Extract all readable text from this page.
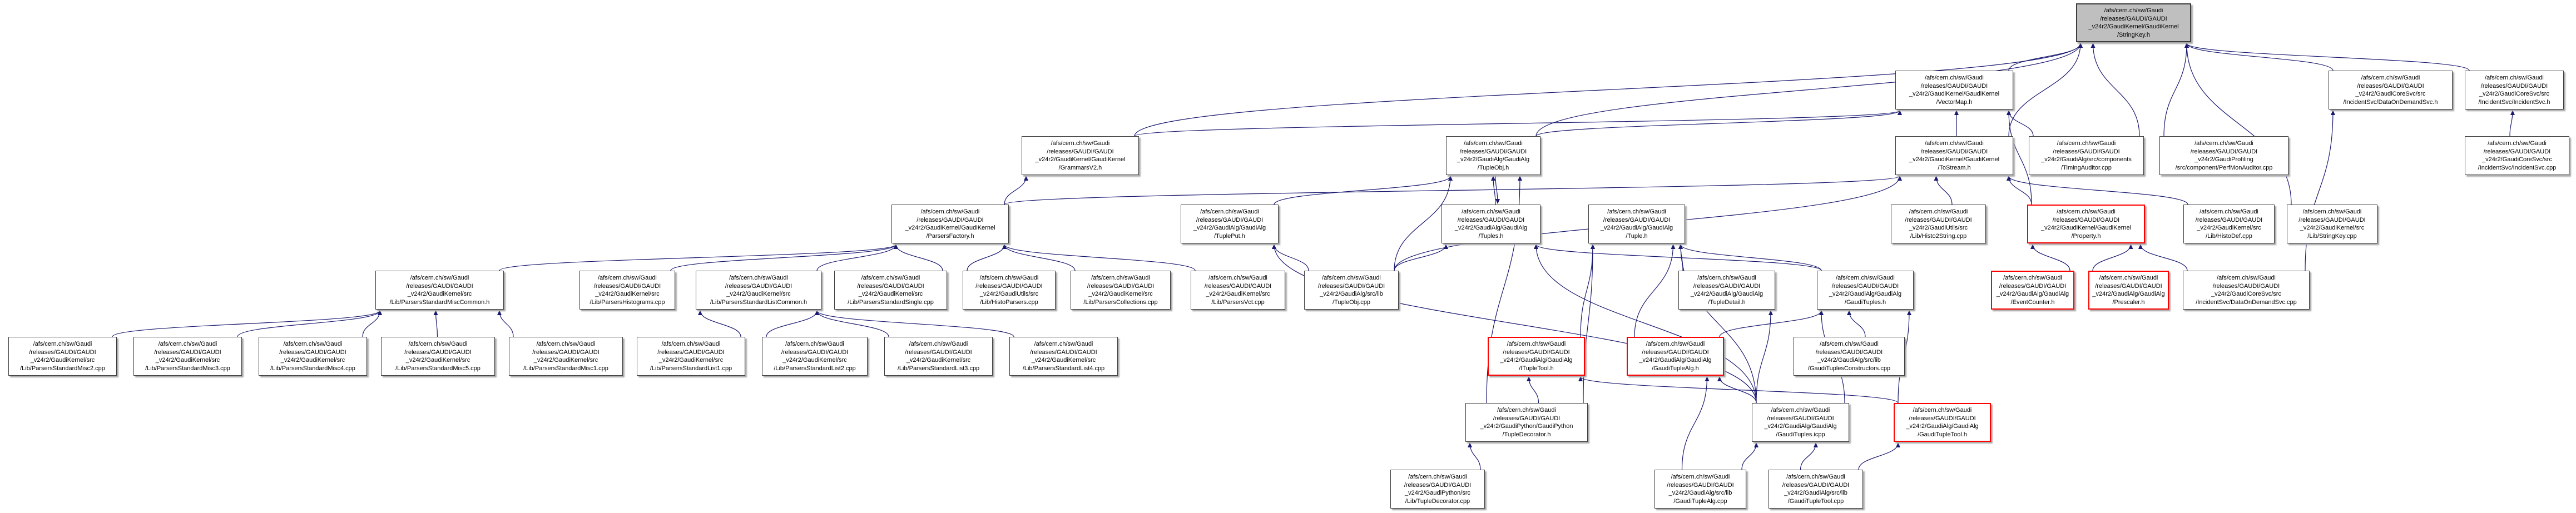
/afs/cern.ch/sw/Gaudi
/releases/GAUDI/GAUDI
_v24r2/GaudiKernel/GaudiKernel
/StringKey.h
/afs/cern.ch/sw/Gaudi
/releases/GAUDI/GAUDI
_v24r2/GaudiKernel/GaudiKernel
/VectorMap.h
/afs/cern.ch/sw/Gaudi
/releases/GAUDI/GAUDI
_v24r2/GaudiCoreSvc/src
/IncidentSvc/DataOnDemandSvc.h
/afs/cern.ch/sw/Gaudi
/releases/GAUDI/GAUDI
_v24r2/GaudiCoreSvc/src
/IncidentSvc/IncidentSvc.h
/afs/cern.ch/sw/Gaudi
/releases/GAUDI/GAUDI
_v24r2/GaudiKernel/GaudiKernel
/GrammarsV2.h
/afs/cern.ch/sw/Gaudi
/releases/GAUDI/GAUDI
_v24r2/GaudiAlg/GaudiAlg
/TupleObj.h
/afs/cern.ch/sw/Gaudi
/releases/GAUDI/GAUDI
_v24r2/GaudiKernel/GaudiKernel
/ToStream.h
/afs/cern.ch/sw/Gaudi
/releases/GAUDI/GAUDI
_v24r2/GaudiAlg/src/components
/TimingAuditor.cpp
/afs/cern.ch/sw/Gaudi
/releases/GAUDI/GAUDI
_v24r2/GaudiProfiling
/src/component/PerfMonAuditor.cpp
/afs/cern.ch/sw/Gaudi
/releases/GAUDI/GAUDI
_v24r2/GaudiCoreSvc/src
/IncidentSvc/IncidentSvc.cpp
/afs/cern.ch/sw/Gaudi
/releases/GAUDI/GAUDI
_v24r2/GaudiKernel/GaudiKernel
/ParsersFactory.h
/afs/cern.ch/sw/Gaudi
/releases/GAUDI/GAUDI
_v24r2/GaudiAlg/GaudiAlg
/TuplePut.h
/afs/cern.ch/sw/Gaudi
/releases/GAUDI/GAUDI
_v24r2/GaudiAlg/GaudiAlg
/Tuples.h
/afs/cern.ch/sw/Gaudi
/releases/GAUDI/GAUDI
_v24r2/GaudiAlg/GaudiAlg
/Tuple.h
/afs/cern.ch/sw/Gaudi
/releases/GAUDI/GAUDI
_v24r2/GaudiUtils/src
/Lib/Histo2String.cpp
/afs/cern.ch/sw/Gaudi
/releases/GAUDI/GAUDI
_v24r2/GaudiKernel/GaudiKernel
/Property.h
/afs/cern.ch/sw/Gaudi
/releases/GAUDI/GAUDI
_v24r2/GaudiKernel/src
/Lib/HistoDef.cpp
/afs/cern.ch/sw/Gaudi
/releases/GAUDI/GAUDI
_v24r2/GaudiKernel/src
/Lib/StringKey.cpp
/afs/cern.ch/sw/Gaudi
/releases/GAUDI/GAUDI
_v24r2/GaudiKernel/src
/Lib/ParsersStandardMiscCommon.h
/afs/cern.ch/sw/Gaudi
/releases/GAUDI/GAUDI
_v24r2/GaudiKernel/src
/Lib/ParsersHistograms.cpp
/afs/cern.ch/sw/Gaudi
/releases/GAUDI/GAUDI
_v24r2/GaudiKernel/src
/Lib/ParsersStandardListCommon.h
/afs/cern.ch/sw/Gaudi
/releases/GAUDI/GAUDI
_v24r2/GaudiKernel/src
/Lib/ParsersStandardSingle.cpp
/afs/cern.ch/sw/Gaudi
/releases/GAUDI/GAUDI
_v24r2/GaudiUtils/src
/Lib/HistoParsers.cpp
/afs/cern.ch/sw/Gaudi
/releases/GAUDI/GAUDI
_v24r2/GaudiKernel/src
/Lib/ParsersCollections.cpp
/afs/cern.ch/sw/Gaudi
/releases/GAUDI/GAUDI
_v24r2/GaudiKernel/src
/Lib/ParsersVct.cpp
/afs/cern.ch/sw/Gaudi
/releases/GAUDI/GAUDI
_v24r2/GaudiAlg/src/lib
/TupleObj.cpp
/afs/cern.ch/sw/Gaudi
/releases/GAUDI/GAUDI
_v24r2/GaudiAlg/GaudiAlg
/TupleDetail.h
/afs/cern.ch/sw/Gaudi
/releases/GAUDI/GAUDI
_v24r2/GaudiAlg/GaudiAlg
/GaudiTuples.h
/afs/cern.ch/sw/Gaudi
/releases/GAUDI/GAUDI
_v24r2/GaudiAlg/GaudiAlg
/EventCounter.h
/afs/cern.ch/sw/Gaudi
/releases/GAUDI/GAUDI
_v24r2/GaudiAlg/GaudiAlg
/Prescaler.h
/afs/cern.ch/sw/Gaudi
/releases/GAUDI/GAUDI
_v24r2/GaudiCoreSvc/src
/IncidentSvc/DataOnDemandSvc.cpp
/afs/cern.ch/sw/Gaudi
/releases/GAUDI/GAUDI
_v24r2/GaudiKernel/src
/Lib/ParsersStandardMisc2.cpp
/afs/cern.ch/sw/Gaudi
/releases/GAUDI/GAUDI
_v24r2/GaudiKernel/src
/Lib/ParsersStandardMisc3.cpp
/afs/cern.ch/sw/Gaudi
/releases/GAUDI/GAUDI
_v24r2/GaudiKernel/src
/Lib/ParsersStandardMisc4.cpp
/afs/cern.ch/sw/Gaudi
/releases/GAUDI/GAUDI
_v24r2/GaudiKernel/src
/Lib/ParsersStandardMisc5.cpp
/afs/cern.ch/sw/Gaudi
/releases/GAUDI/GAUDI
_v24r2/GaudiKernel/src
/Lib/ParsersStandardMisc1.cpp
/afs/cern.ch/sw/Gaudi
/releases/GAUDI/GAUDI
_v24r2/GaudiKernel/src
/Lib/ParsersStandardList1.cpp
/afs/cern.ch/sw/Gaudi
/releases/GAUDI/GAUDI
_v24r2/GaudiKernel/src
/Lib/ParsersStandardList2.cpp
/afs/cern.ch/sw/Gaudi
/releases/GAUDI/GAUDI
_v24r2/GaudiKernel/src
/Lib/ParsersStandardList3.cpp
/afs/cern.ch/sw/Gaudi
/releases/GAUDI/GAUDI
_v24r2/GaudiKernel/src
/Lib/ParsersStandardList4.cpp
/afs/cern.ch/sw/Gaudi
/releases/GAUDI/GAUDI
_v24r2/GaudiAlg/GaudiAlg
/ITupleTool.h
/afs/cern.ch/sw/Gaudi
/releases/GAUDI/GAUDI
_v24r2/GaudiAlg/GaudiAlg
/GaudiTupleAlg.h
/afs/cern.ch/sw/Gaudi
/releases/GAUDI/GAUDI
_v24r2/GaudiAlg/src/lib
/GaudiTuplesConstructors.cpp
/afs/cern.ch/sw/Gaudi
/releases/GAUDI/GAUDI
_v24r2/GaudiPython/GaudiPython
/TupleDecorator.h
/afs/cern.ch/sw/Gaudi
/releases/GAUDI/GAUDI
_v24r2/GaudiAlg/GaudiAlg
/GaudiTuples.icpp
/afs/cern.ch/sw/Gaudi
/releases/GAUDI/GAUDI
_v24r2/GaudiAlg/GaudiAlg
/GaudiTupleTool.h
/afs/cern.ch/sw/Gaudi
/releases/GAUDI/GAUDI
_v24r2/GaudiPython/src
/Lib/TupleDecorator.cpp
/afs/cern.ch/sw/Gaudi
/releases/GAUDI/GAUDI
_v24r2/GaudiAlg/src/lib
/GaudiTupleAlg.cpp
/afs/cern.ch/sw/Gaudi
/releases/GAUDI/GAUDI
_v24r2/GaudiAlg/src/lib
/GaudiTupleTool.cpp
